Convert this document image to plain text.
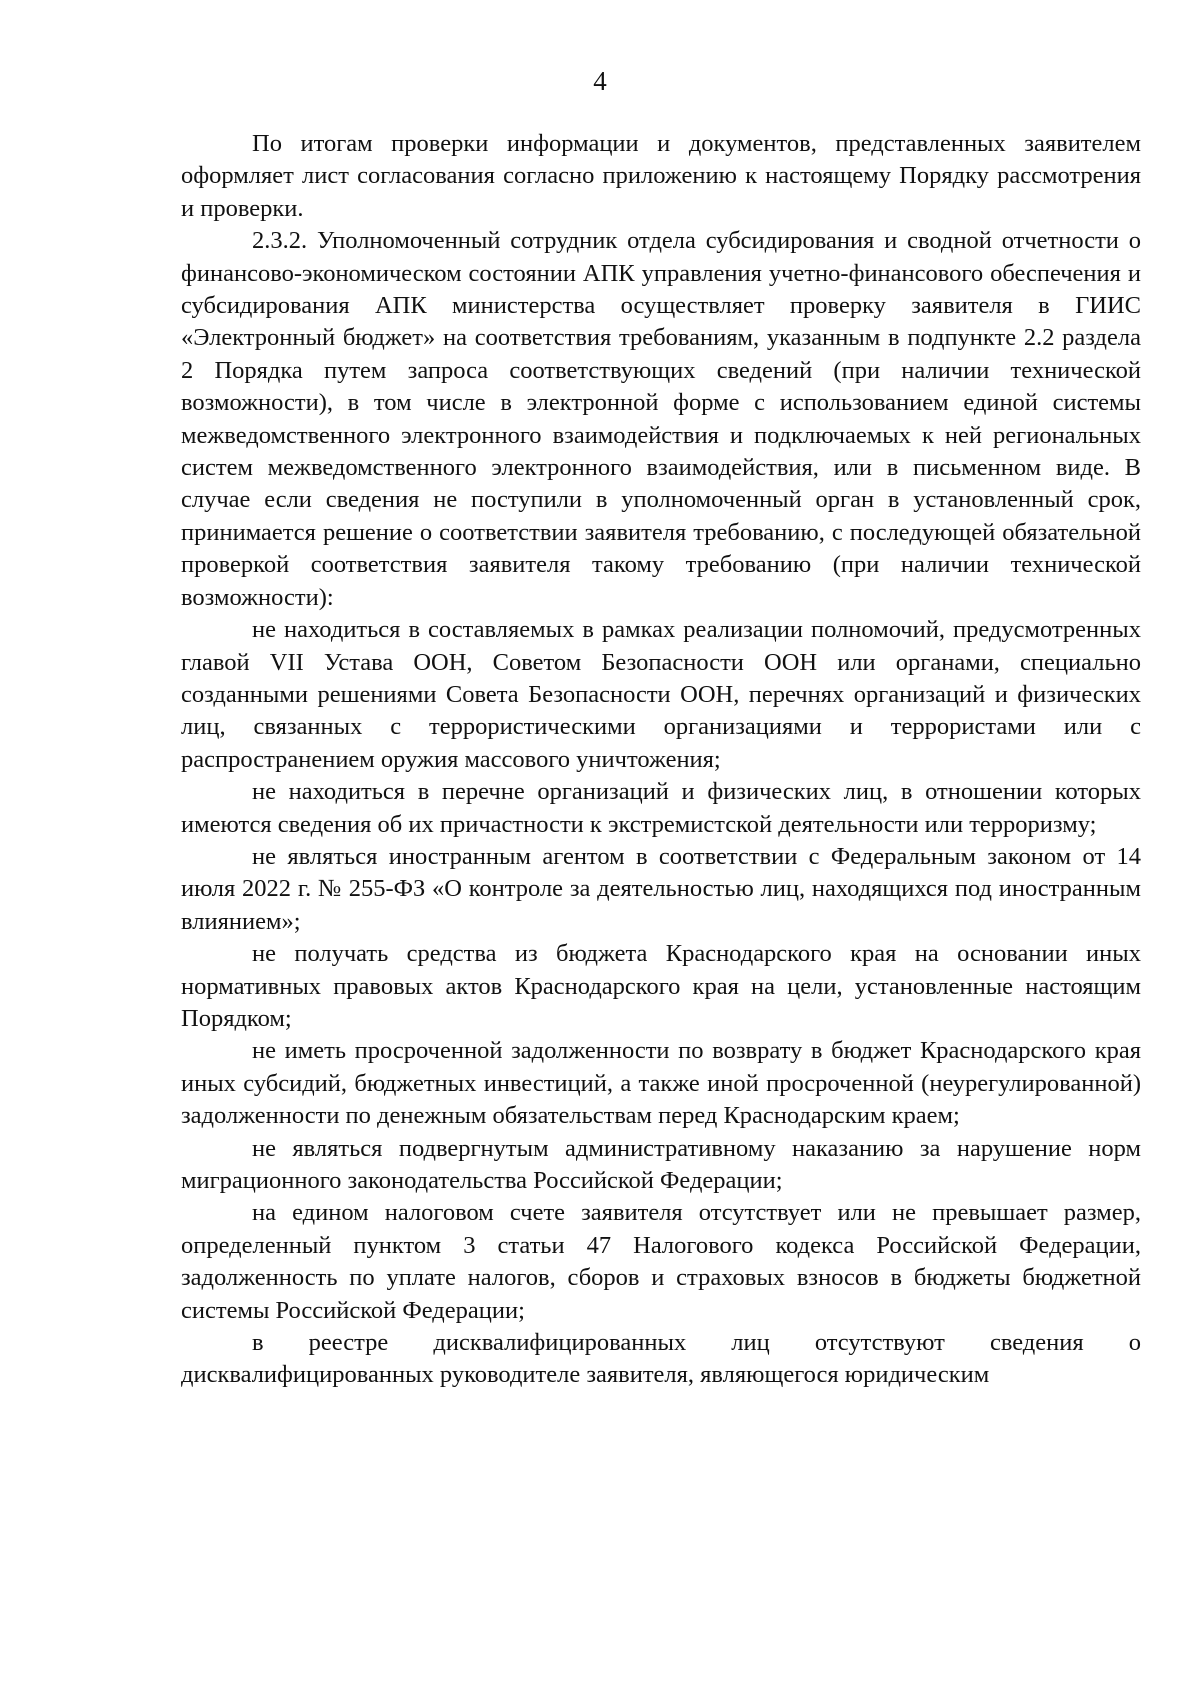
4

По итогам проверки информации и документов, представленных заявителем оформляет лист согласования согласно приложению к настоящему Порядку рассмотрения и проверки.

2.3.2. Уполномоченный сотрудник отдела субсидирования и сводной отчетности о финансово-экономическом состоянии АПК управления учетно-финансового обеспечения и субсидирования АПК министерства осуществляет проверку заявителя в ГИИС «Электронный бюджет» на соответствия требованиям, указанным в подпункте 2.2 раздела 2 Порядка путем запроса соответствующих сведений (при наличии технической возможности), в том числе в электронной форме с использованием единой системы межведомственного электронного взаимодействия и подключаемых к ней региональных систем межведомственного электронного взаимодействия, или в письменном виде. В случае если сведения не поступили в уполномоченный орган в установленный срок, принимается решение о соответствии заявителя требованию, с последующей обязательной проверкой соответствия заявителя такому требованию (при наличии технической возможности):

не находиться в составляемых в рамках реализации полномочий, предусмотренных главой VII Устава ООН, Советом Безопасности ООН или органами, специально созданными решениями Совета Безопасности ООН, перечнях организаций и физических лиц, связанных с террористическими организациями и террористами или с распространением оружия массового уничтожения;

не находиться в перечне организаций и физических лиц, в отношении которых имеются сведения об их причастности к экстремистской деятельности или терроризму;

не являться иностранным агентом в соответствии с Федеральным законом от 14 июля 2022 г. № 255-ФЗ «О контроле за деятельностью лиц, находящихся под иностранным влиянием»;

не получать средства из бюджета Краснодарского края на основании иных нормативных правовых актов Краснодарского края на цели, установленные настоящим Порядком;

не иметь просроченной задолженности по возврату в бюджет Краснодарского края иных субсидий, бюджетных инвестиций, а также иной просроченной (неурегулированной) задолженности по денежным обязательствам перед Краснодарским краем;

не являться подвергнутым административному наказанию за нарушение норм миграционного законодательства Российской Федерации;

на едином налоговом счете заявителя отсутствует или не превышает размер, определенный пунктом 3 статьи 47 Налогового кодекса Российской Федерации, задолженность по уплате налогов, сборов и страховых взносов в бюджеты бюджетной системы Российской Федерации;

в реестре дисквалифицированных лиц отсутствуют сведения о дисквалифицированных руководителе заявителя, являющегося юридическим
